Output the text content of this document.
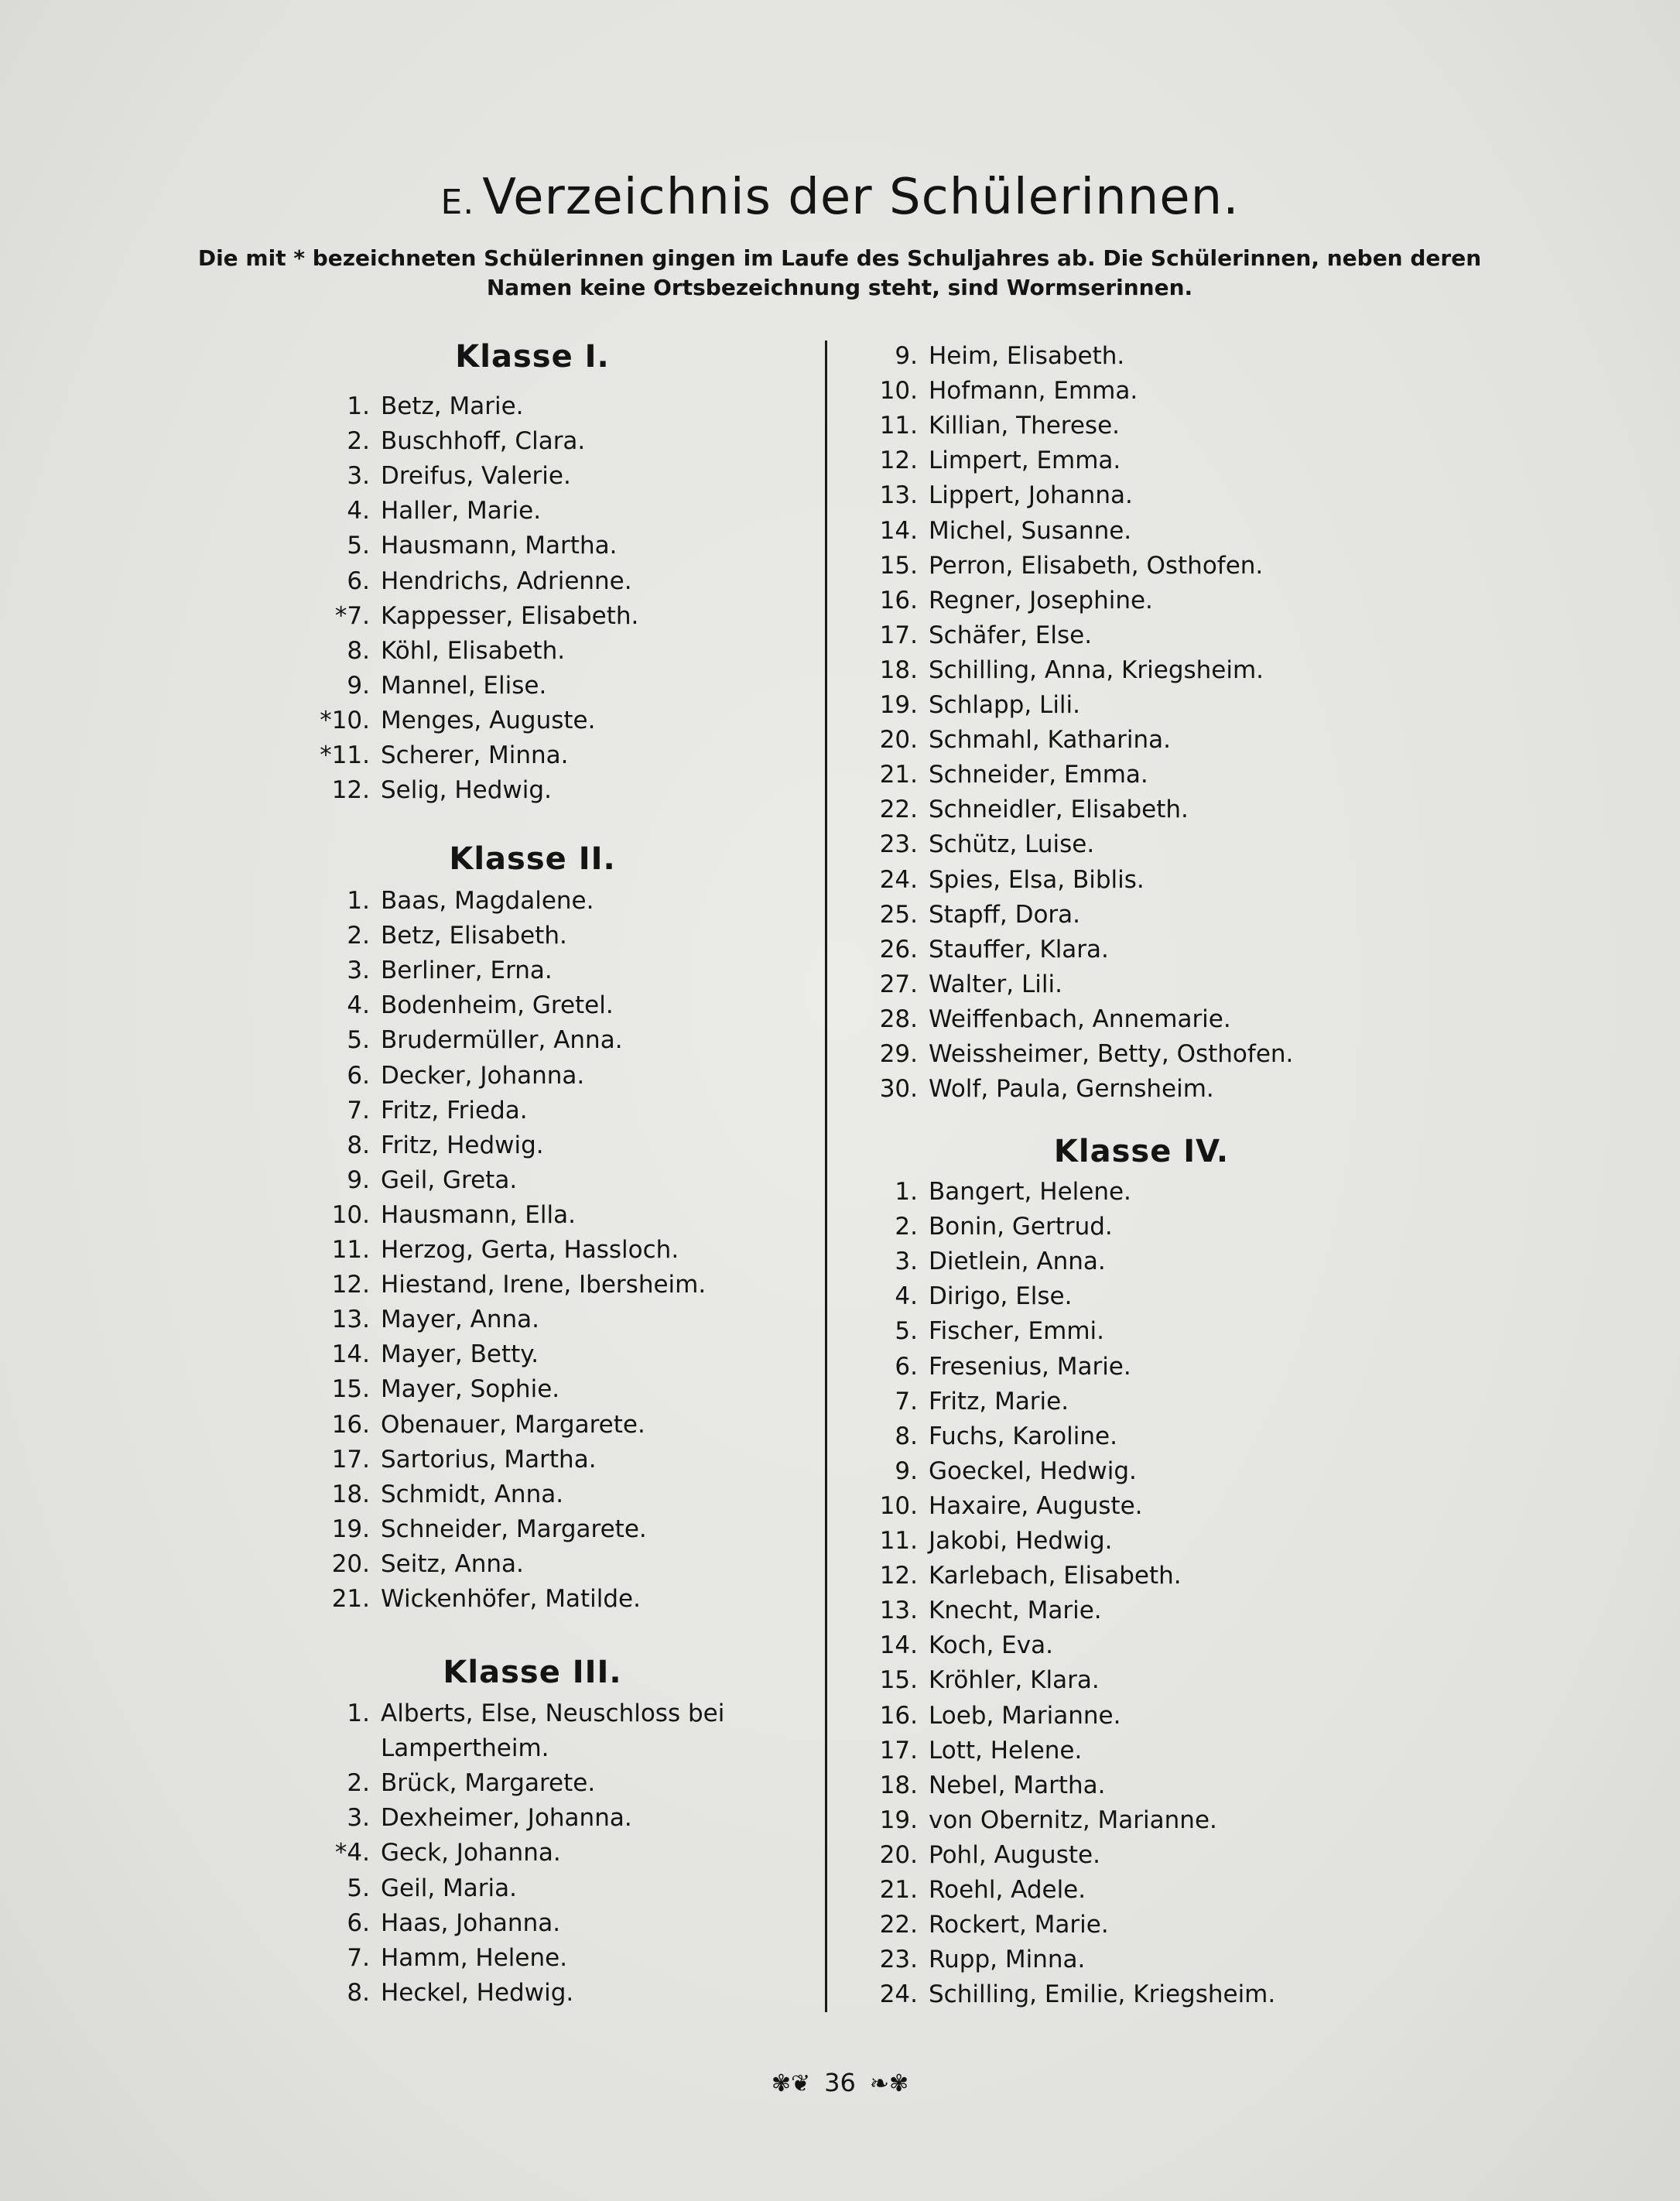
E. Verzeichnis der Schülerinnen.
Die mit * bezeichneten Schülerinnen gingen im Laufe des Schuljahres ab. Die Schülerinnen, neben deren
Namen keine Ortsbezeichnung steht, sind Wormserinnen.
Klasse I.
1. Betz, Marie.
2. Buschhoff, Clara.
3. Dreifus, Valerie.
4. Haller, Marie.
5. Hausmann, Martha.
6. Hendrichs, Adrienne.
*7. Kappesser, Elisabeth.
8. Köhl, Elisabeth.
9. Mannel, Elise.
*10. Menges, Auguste.
*11. Scherer, Minna.
12. Selig, Hedwig.
Klasse II.
1. Baas, Magdalene.
2. Betz, Elisabeth.
3. Berliner, Erna.
4. Bodenheim, Gretel.
5. Brudermüller, Anna.
6. Decker, Johanna.
7. Fritz, Frieda.
8. Fritz, Hedwig.
9. Geil, Greta.
10. Hausmann, Ella.
11. Herzog, Gerta, Hassloch.
12. Hiestand, Irene, Ibersheim.
13. Mayer, Anna.
14. Mayer, Betty.
15. Mayer, Sophie.
16. Obenauer, Margarete.
17. Sartorius, Martha.
18. Schmidt, Anna.
19. Schneider, Margarete.
20. Seitz, Anna.
21. Wickenhöfer, Matilde.
Klasse III.
1. Alberts, Else, Neuschloss bei
Lampertheim.
2. Brück, Margarete.
3. Dexheimer, Johanna.
*4. Geck, Johanna.
5. Geil, Maria.
6. Haas, Johanna.
7. Hamm, Helene.
8. Heckel, Hedwig.
9. Heim, Elisabeth.
10. Hofmann, Emma.
11. Killian, Therese.
12. Limpert, Emma.
13. Lippert, Johanna.
14. Michel, Susanne.
15. Perron, Elisabeth, Osthofen.
16. Regner, Josephine.
17. Schäfer, Else.
18. Schilling, Anna, Kriegsheim.
19. Schlapp, Lili.
20. Schmahl, Katharina.
21. Schneider, Emma.
22. Schneidler, Elisabeth.
23. Schütz, Luise.
24. Spies, Elsa, Biblis.
25. Stapff, Dora.
26. Stauffer, Klara.
27. Walter, Lili.
28. Weiffenbach, Annemarie.
29. Weissheimer, Betty, Osthofen.
30. Wolf, Paula, Gernsheim.
Klasse IV.
1. Bangert, Helene.
2. Bonin, Gertrud.
3. Dietlein, Anna.
4. Dirigo, Else.
5. Fischer, Emmi.
6. Fresenius, Marie.
7. Fritz, Marie.
8. Fuchs, Karoline.
9. Goeckel, Hedwig.
10. Haxaire, Auguste.
11. Jakobi, Hedwig.
12. Karlebach, Elisabeth.
13. Knecht, Marie.
14. Koch, Eva.
15. Kröhler, Klara.
16. Loeb, Marianne.
17. Lott, Helene.
18. Nebel, Martha.
19. von Obernitz, Marianne.
20. Pohl, Auguste.
21. Roehl, Adele.
22. Rockert, Marie.
23. Rupp, Minna.
24. Schilling, Emilie, Kriegsheim.
✾❦ 36 ❧✾
